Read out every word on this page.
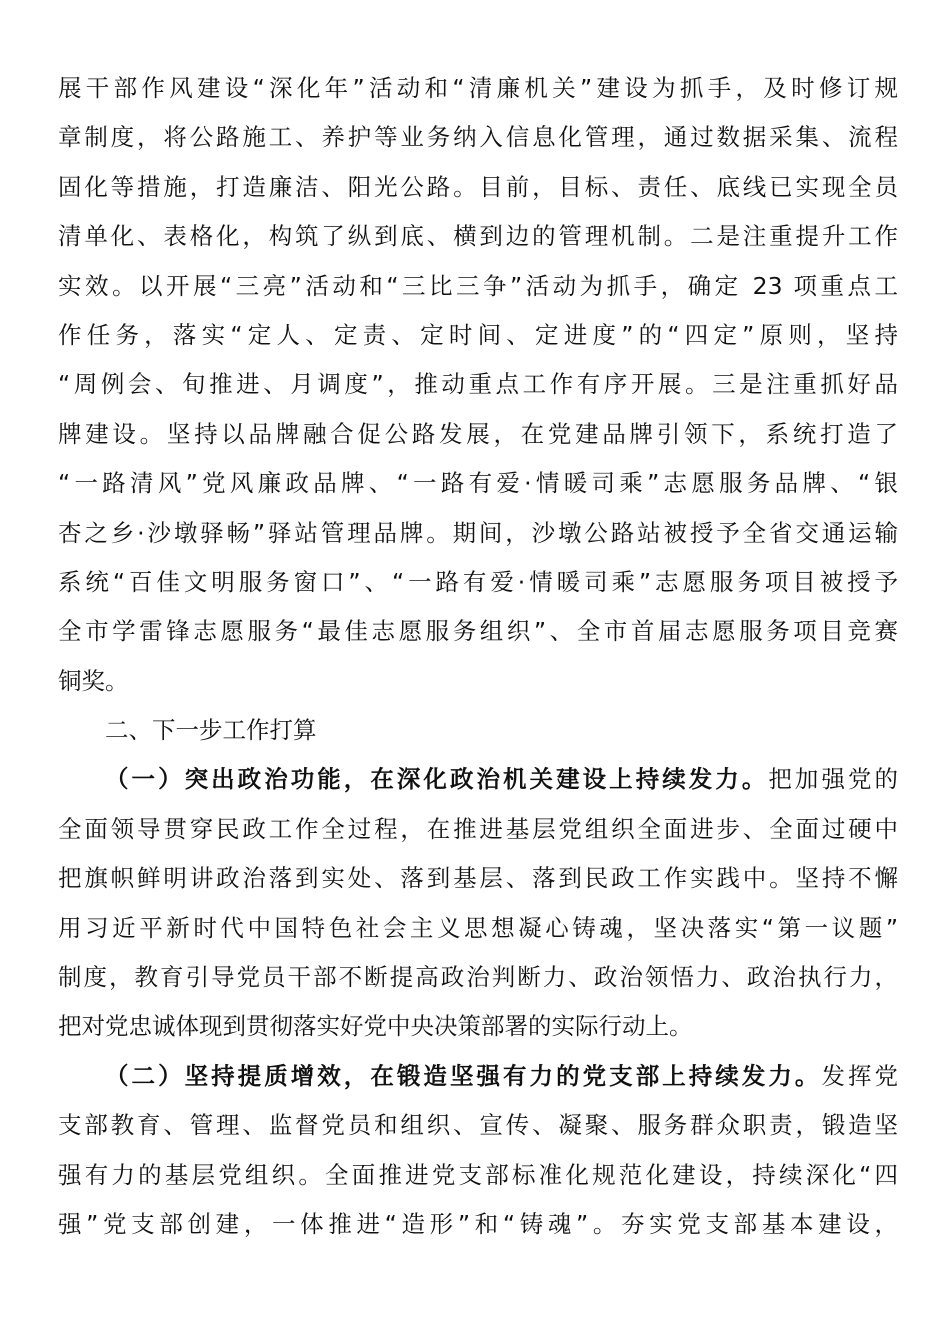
展干部作风建设“深化年”活动和“清廉机关”建设为抓手，及时修订规
章制度，将公路施工、养护等业务纳入信息化管理，通过数据采集、流程
固化等措施，打造廉洁、阳光公路。目前，目标、责任、底线已实现全员
清单化、表格化，构筑了纵到底、横到边的管理机制。二是注重提升工作
实效。以开展“三亮”活动和“三比三争”活动为抓手，确定 23 项重点工
作任务，落实“定人、定责、定时间、定进度”的“四定”原则，坚持
“周例会、旬推进、月调度”，推动重点工作有序开展。三是注重抓好品
牌建设。坚持以品牌融合促公路发展，在党建品牌引领下，系统打造了
“一路清风”党风廉政品牌、“一路有爱·情暖司乘”志愿服务品牌、“银
杏之乡·沙墩驿畅”驿站管理品牌。期间，沙墩公路站被授予全省交通运输
系统“百佳文明服务窗口”、“一路有爱·情暖司乘”志愿服务项目被授予
全市学雷锋志愿服务“最佳志愿服务组织”、全市首届志愿服务项目竞赛
铜奖。
二、下一步工作打算
（一）突出政治功能，在深化政治机关建设上持续发力。把加强党的
全面领导贯穿民政工作全过程，在推进基层党组织全面进步、全面过硬中
把旗帜鲜明讲政治落到实处、落到基层、落到民政工作实践中。坚持不懈
用习近平新时代中国特色社会主义思想凝心铸魂，坚决落实“第一议题”
制度，教育引导党员干部不断提高政治判断力、政治领悟力、政治执行力，
把对党忠诚体现到贯彻落实好党中央决策部署的实际行动上。
（二）坚持提质增效，在锻造坚强有力的党支部上持续发力。发挥党
支部教育、管理、监督党员和组织、宣传、凝聚、服务群众职责，锻造坚
强有力的基层党组织。全面推进党支部标准化规范化建设，持续深化“四
强”党支部创建，一体推进“造形”和“铸魂”。夯实党支部基本建设，
